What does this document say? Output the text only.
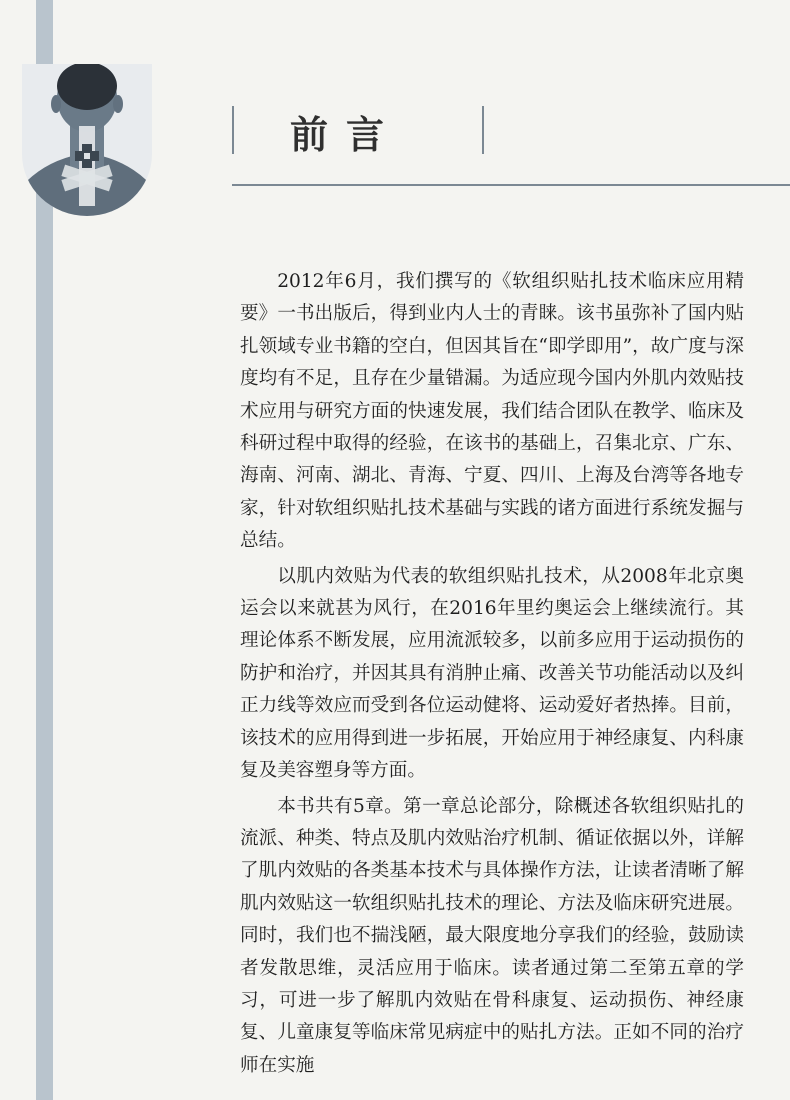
前言

2012年6月，我们撰写的《软组织贴扎技术临床应用精要》一书出版后，得到业内人士的青睐。该书虽弥补了国内贴扎领域专业书籍的空白，但因其旨在“即学即用”，故广度与深度均有不足，且存在少量错漏。为适应现今国内外肌内效贴技术应用与研究方面的快速发展，我们结合团队在教学、临床及科研过程中取得的经验，在该书的基础上，召集北京、广东、海南、河南、湖北、青海、宁夏、四川、上海及台湾等各地专家，针对软组织贴扎技术基础与实践的诸方面进行系统发掘与总结。

以肌内效贴为代表的软组织贴扎技术，从2008年北京奥运会以来就甚为风行，在2016年里约奥运会上继续流行。其理论体系不断发展，应用流派较多，以前多应用于运动损伤的防护和治疗，并因其具有消肿止痛、改善关节功能活动以及纠正力线等效应而受到各位运动健将、运动爱好者热捧。目前，该技术的应用得到进一步拓展，开始应用于神经康复、内科康复及美容塑身等方面。

本书共有5章。第一章总论部分，除概述各软组织贴扎的流派、种类、特点及肌内效贴治疗机制、循证依据以外，详解了肌内效贴的各类基本技术与具体操作方法，让读者清晰了解肌内效贴这一软组织贴扎技术的理论、方法及临床研究进展。同时，我们也不揣浅陋，最大限度地分享我们的经验，鼓励读者发散思维，灵活应用于临床。读者通过第二至第五章的学习，可进一步了解肌内效贴在骨科康复、运动损伤、神经康复、儿童康复等临床常见病症中的贴扎方法。正如不同的治疗师在实施
